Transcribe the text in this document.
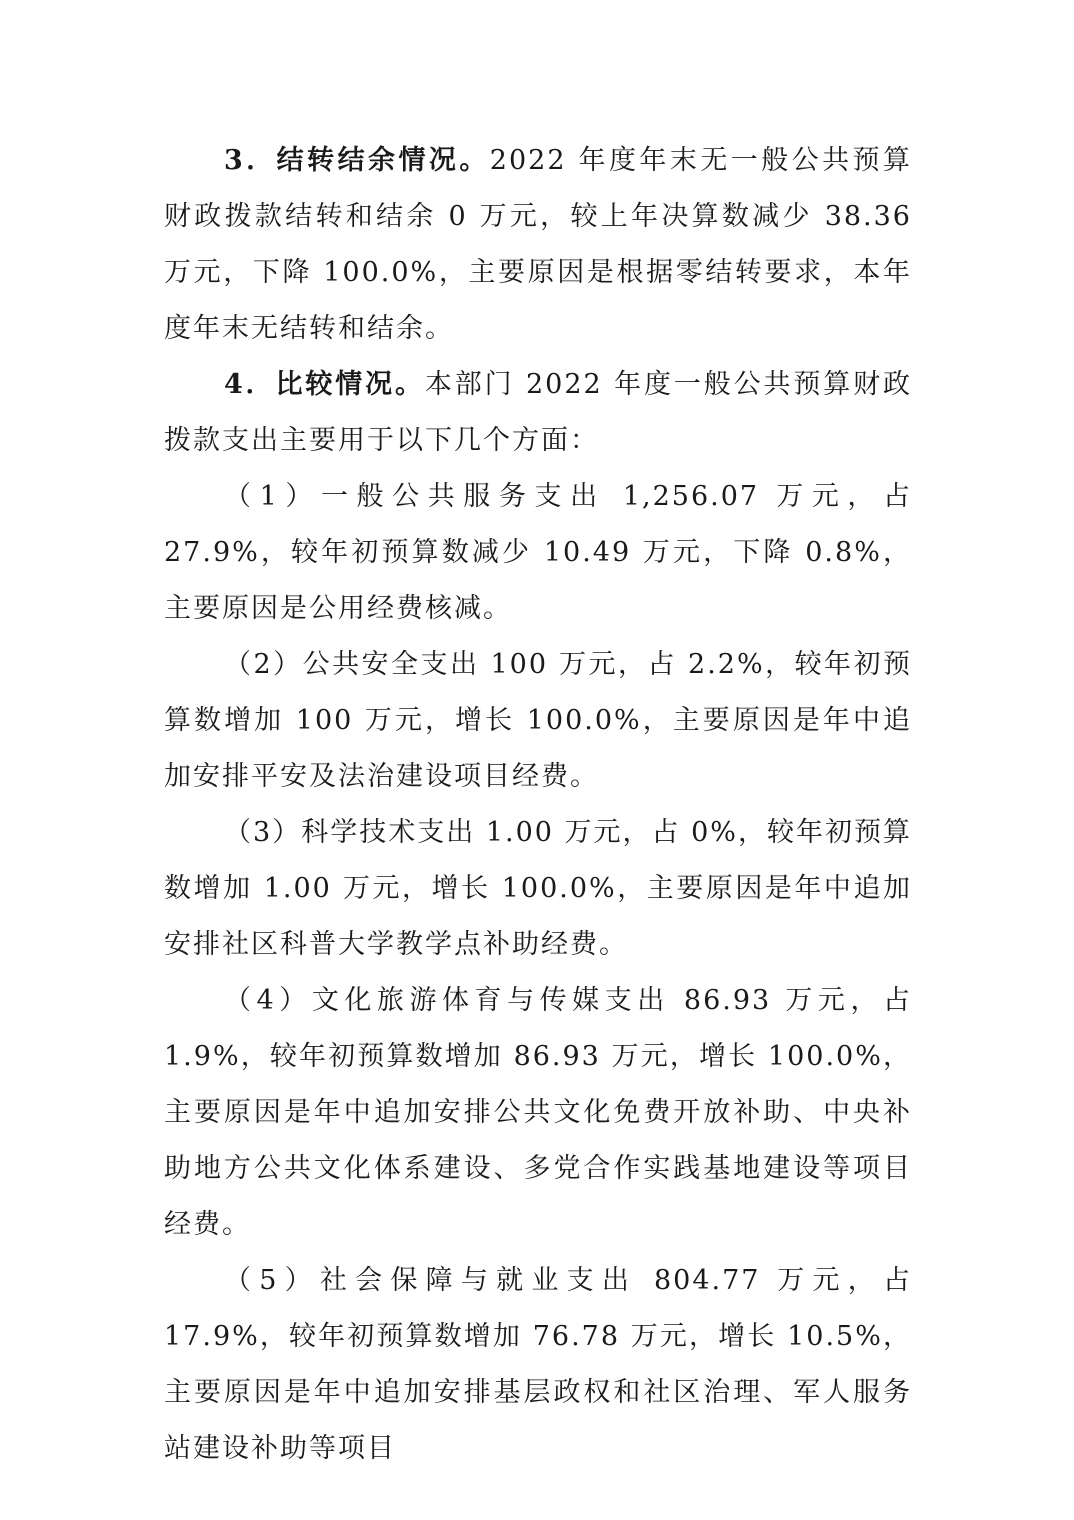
3．结转结余情况。2022 年度年末无一般公共预算财政拨款结转和结余 0 万元，较上年决算数减少 38.36 万元，下降 100.0%，主要原因是根据零结转要求，本年度年末无结转和结余。

4．比较情况。本部门 2022 年度一般公共预算财政拨款支出主要用于以下几个方面：

（1）一般公共服务支出 1,256.07 万元，占 27.9%，较年初预算数减少 10.49 万元，下降 0.8%，主要原因是公用经费核减。

（2）公共安全支出 100 万元，占 2.2%，较年初预算数增加 100 万元，增长 100.0%，主要原因是年中追加安排平安及法治建设项目经费。

（3）科学技术支出 1.00 万元，占 0%，较年初预算数增加 1.00 万元，增长 100.0%，主要原因是年中追加安排社区科普大学教学点补助经费。

（4）文化旅游体育与传媒支出 86.93 万元，占 1.9%，较年初预算数增加 86.93 万元，增长 100.0%，主要原因是年中追加安排公共文化免费开放补助、中央补助地方公共文化体系建设、多党合作实践基地建设等项目经费。

（5）社会保障与就业支出 804.77 万元，占 17.9%，较年初预算数增加 76.78 万元，增长 10.5%，主要原因是年中追加安排基层政权和社区治理、军人服务站建设补助等项目
